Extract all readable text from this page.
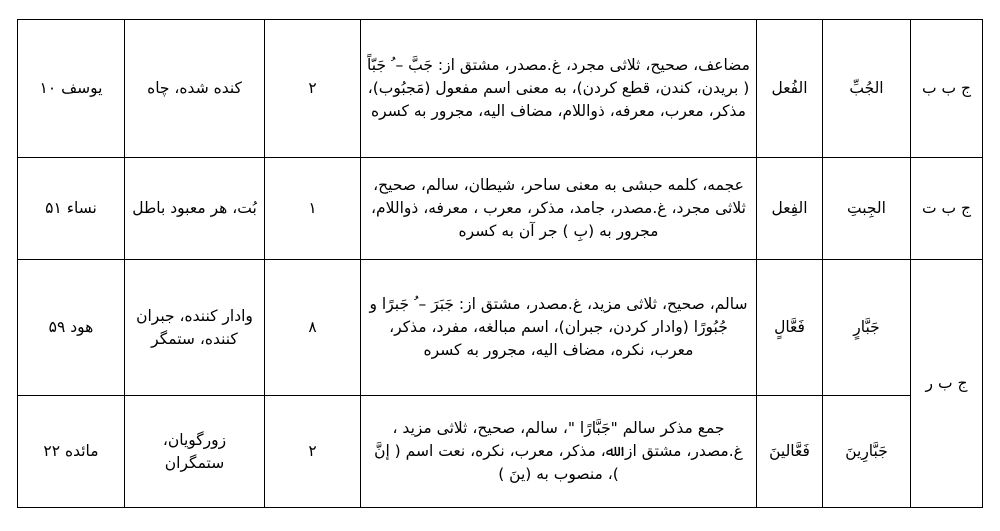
ج ب ب	الجُبِّ	الفُعل	مضاعف، صحیح، ثلاثی مجرد، غ.مصدر، مشتق از: جَبَّ – ُ جَبّاً ( بریدن، کندن، قطع کردن)، به معنی اسم مفعول (مَجبُوب)، مذکر، معرب، معرفه، ذواللام، مضاف الیه، مجرور به کسره	۲	کنده شده، چاه	یوسف ۱۰
ج ب ت	الجِبتِ	الفِعل	عجمه، کلمه حبشی به معنی ساحر، شیطان، سالم، صحیح، ثلاثی مجرد، غ.مصدر، جامد، مذکر، معرب ، معرفه، ذواللام، مجرور به (بِ ) جر آن به کسره	۱	بُت، هر معبود باطل	نساء ۵۱
ج ب ر	جَبَّارٍ	فَعَّالٍ	سالم، صحیح، ثلاثی مزید، غ.مصدر، مشتق از: جَبَرَ – ُ جَبرًا و جُبُورًا (وادار کردن، جبران)، اسم مبالغه، مفرد، مذکر، معرب، نکره، مضاف الیه، مجرور به کسره	۸	وادار کننده، جبران کننده، ستمگر	هود ۵۹
	جَبَّارِینَ	فَعَّالینَ	جمع مذکر سالم "جَبَّارًا "، سالم، صحیح، ثلاثی مزید ، غ.مصدر، مشتق از: ﷲ، مذکر، معرب، نکره، نعت اسم ( إنَّ )، منصوب به (ینَ )	۲	زورگویان، ستمگران	مائده ۲۲
